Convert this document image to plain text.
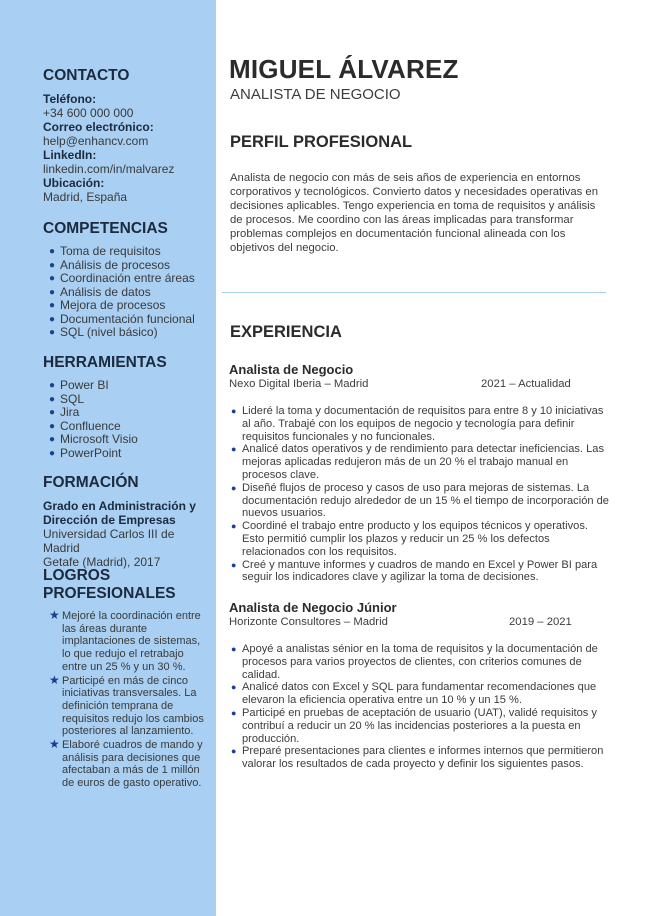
CONTACTO
Teléfono:
+34 600 000 000
Correo electrónico:
help@enhancv.com
LinkedIn:
linkedin.com/in/malvarez
Ubicación:
Madrid, España
COMPETENCIAS
● Toma de requisitos
● Análisis de procesos
● Coordinación entre áreas
● Análisis de datos
● Mejora de procesos
● Documentación funcional
● SQL (nivel básico)
HERRAMIENTAS
● Power BI
● SQL
● Jira
● Confluence
● Microsoft Visio
● PowerPoint
FORMACIÓN
Grado en Administración y Dirección de Empresas
Universidad Carlos III de Madrid
Getafe (Madrid), 2017
LOGROS PROFESIONALES
★ Mejoré la coordinación entre las áreas durante implantaciones de sistemas, lo que redujo el retrabajo entre un 25 % y un 30 %.
★ Participé en más de cinco iniciativas transversales. La definición temprana de requisitos redujo los cambios posteriores al lanzamiento.
★ Elaboré cuadros de mando y análisis para decisiones que afectaban a más de 1 millón de euros de gasto operativo.
MIGUEL ÁLVAREZ
ANALISTA DE NEGOCIO
PERFIL PROFESIONAL
Analista de negocio con más de seis años de experiencia en entornos corporativos y tecnológicos. Convierto datos y necesidades operativas en decisiones aplicables. Tengo experiencia en toma de requisitos y análisis de procesos. Me coordino con las áreas implicadas para transformar problemas complejos en documentación funcional alineada con los objetivos del negocio.
EXPERIENCIA
Analista de Negocio
Nexo Digital Iberia – Madrid	2021 – Actualidad
● Lideré la toma y documentación de requisitos para entre 8 y 10 iniciativas al año. Trabajé con los equipos de negocio y tecnología para definir requisitos funcionales y no funcionales.
● Analicé datos operativos y de rendimiento para detectar ineficiencias. Las mejoras aplicadas redujeron más de un 20 % el trabajo manual en procesos clave.
● Diseñé flujos de proceso y casos de uso para mejoras de sistemas. La documentación redujo alrededor de un 15 % el tiempo de incorporación de nuevos usuarios.
● Coordiné el trabajo entre producto y los equipos técnicos y operativos. Esto permitió cumplir los plazos y reducir un 25 % los defectos relacionados con los requisitos.
● Creé y mantuve informes y cuadros de mando en Excel y Power BI para seguir los indicadores clave y agilizar la toma de decisiones.
Analista de Negocio Júnior
Horizonte Consultores – Madrid	2019 – 2021
● Apoyé a analistas sénior en la toma de requisitos y la documentación de procesos para varios proyectos de clientes, con criterios comunes de calidad.
● Analicé datos con Excel y SQL para fundamentar recomendaciones que elevaron la eficiencia operativa entre un 10 % y un 15 %.
● Participé en pruebas de aceptación de usuario (UAT), validé requisitos y contribuí a reducir un 20 % las incidencias posteriores a la puesta en producción.
● Preparé presentaciones para clientes e informes internos que permitieron valorar los resultados de cada proyecto y definir los siguientes pasos.
